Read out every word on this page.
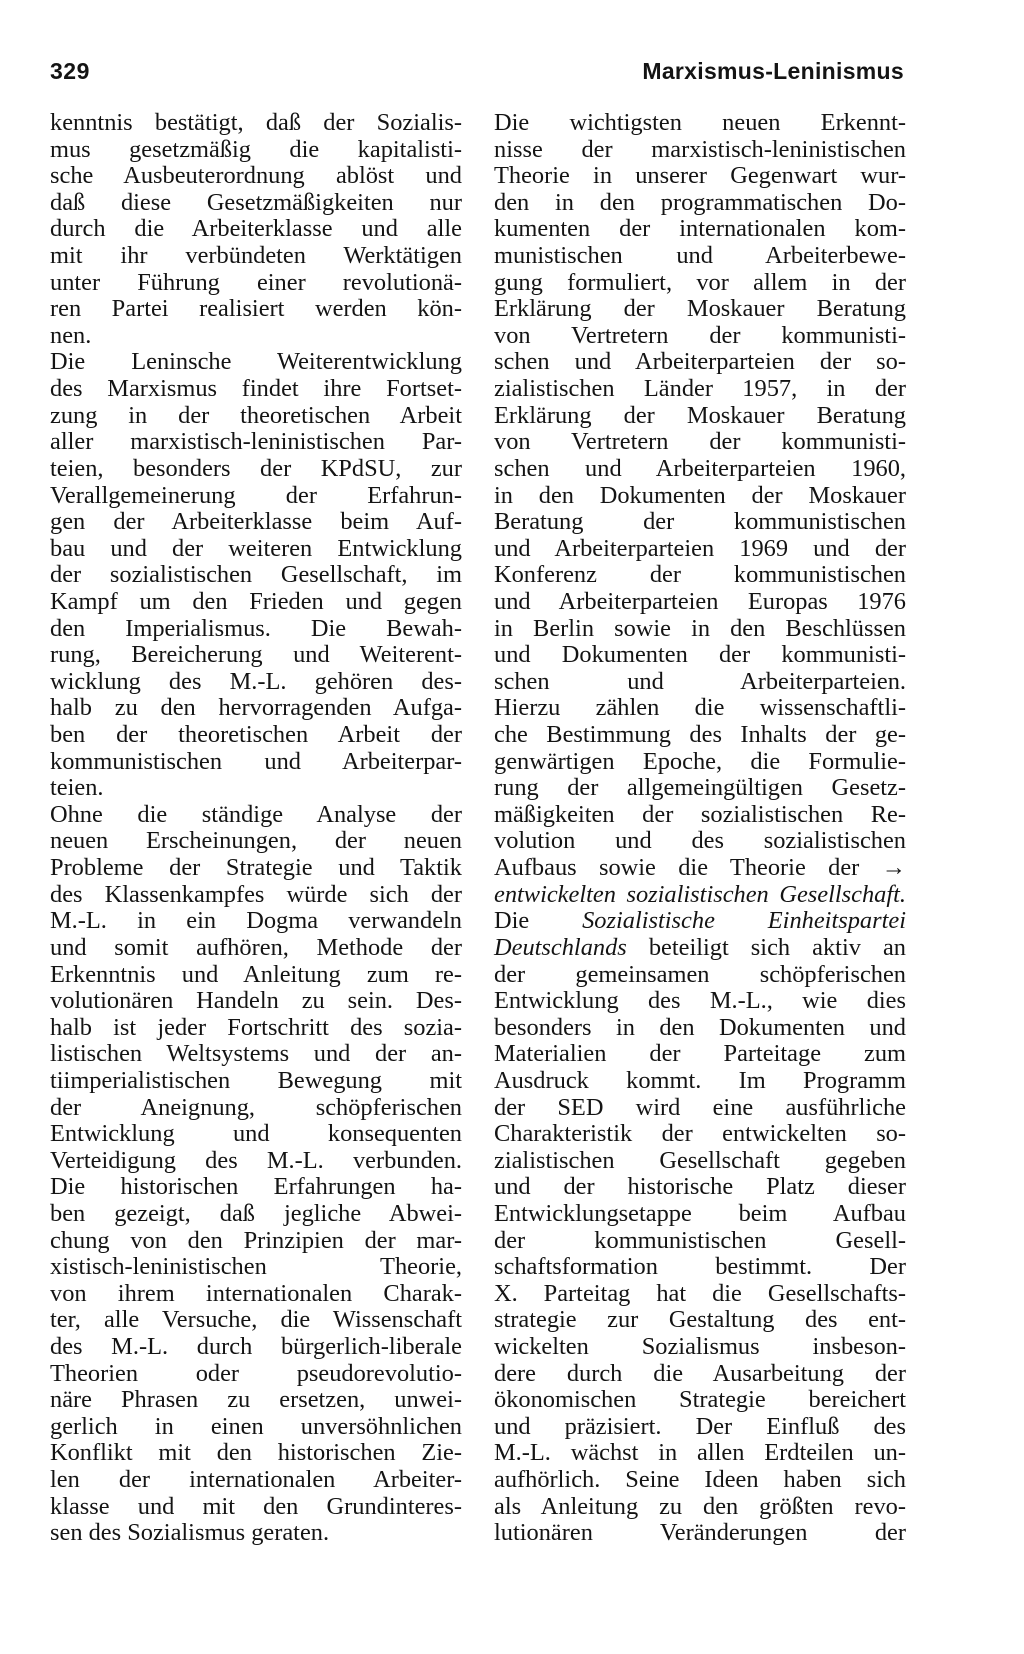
329	Marxismus-Leninismus
kenntnis bestätigt, daß der Sozialis-
mus gesetzmäßig die kapitalisti-
sche Ausbeuterordnung ablöst und
daß diese Gesetzmäßigkeiten nur
durch die Arbeiterklasse und alle
mit ihr verbündeten Werktätigen
unter Führung einer revolutionä-
ren Partei realisiert werden kön-
nen.
Die Leninsche Weiterentwicklung
des Marxismus findet ihre Fortset-
zung in der theoretischen Arbeit
aller marxistisch-leninistischen Par-
teien, besonders der KPdSU, zur
Verallgemeinerung der Erfahrun-
gen der Arbeiterklasse beim Auf-
bau und der weiteren Entwicklung
der sozialistischen Gesellschaft, im
Kampf um den Frieden und gegen
den Imperialismus. Die Bewah-
rung, Bereicherung und Weiterent-
wicklung des M.-L. gehören des-
halb zu den hervorragenden Aufga-
ben der theoretischen Arbeit der
kommunistischen und Arbeiterpar-
teien.
Ohne die ständige Analyse der
neuen Erscheinungen, der neuen
Probleme der Strategie und Taktik
des Klassenkampfes würde sich der
M.-L. in ein Dogma verwandeln
und somit aufhören, Methode der
Erkenntnis und Anleitung zum re-
volutionären Handeln zu sein. Des-
halb ist jeder Fortschritt des sozia-
listischen Weltsystems und der an-
tiimperialistischen Bewegung mit
der Aneignung, schöpferischen
Entwicklung und konsequenten
Verteidigung des M.-L. verbunden.
Die historischen Erfahrungen ha-
ben gezeigt, daß jegliche Abwei-
chung von den Prinzipien der mar-
xistisch-leninistischen Theorie,
von ihrem internationalen Charak-
ter, alle Versuche, die Wissenschaft
des M.-L. durch bürgerlich-liberale
Theorien oder pseudorevolutio-
näre Phrasen zu ersetzen, unwei-
gerlich in einen unversöhnlichen
Konflikt mit den historischen Zie-
len der internationalen Arbeiter-
klasse und mit den Grundinteres-
sen des Sozialismus geraten.
Die wichtigsten neuen Erkennt-
nisse der marxistisch-leninistischen
Theorie in unserer Gegenwart wur-
den in den programmatischen Do-
kumenten der internationalen kom-
munistischen und Arbeiterbewe-
gung formuliert, vor allem in der
Erklärung der Moskauer Beratung
von Vertretern der kommunisti-
schen und Arbeiterparteien der so-
zialistischen Länder 1957, in der
Erklärung der Moskauer Beratung
von Vertretern der kommunisti-
schen und Arbeiterparteien 1960,
in den Dokumenten der Moskauer
Beratung der kommunistischen
und Arbeiterparteien 1969 und der
Konferenz der kommunistischen
und Arbeiterparteien Europas 1976
in Berlin sowie in den Beschlüssen
und Dokumenten der kommunisti-
schen und Arbeiterparteien.
Hierzu zählen die wissenschaftli-
che Bestimmung des Inhalts der ge-
genwärtigen Epoche, die Formulie-
rung der allgemeingültigen Gesetz-
mäßigkeiten der sozialistischen Re-
volution und des sozialistischen
Aufbaus sowie die Theorie der →
entwickelten sozialistischen Gesellschaft.
Die Sozialistische Einheitspartei
Deutschlands beteiligt sich aktiv an
der gemeinsamen schöpferischen
Entwicklung des M.-L., wie dies
besonders in den Dokumenten und
Materialien der Parteitage zum
Ausdruck kommt. Im Programm
der SED wird eine ausführliche
Charakteristik der entwickelten so-
zialistischen Gesellschaft gegeben
und der historische Platz dieser
Entwicklungsetappe beim Aufbau
der kommunistischen Gesell-
schaftsformation bestimmt. Der
X. Parteitag hat die Gesellschafts-
strategie zur Gestaltung des ent-
wickelten Sozialismus insbeson-
dere durch die Ausarbeitung der
ökonomischen Strategie bereichert
und präzisiert. Der Einfluß des
M.-L. wächst in allen Erdteilen un-
aufhörlich. Seine Ideen haben sich
als Anleitung zu den größten revo-
lutionären Veränderungen der
